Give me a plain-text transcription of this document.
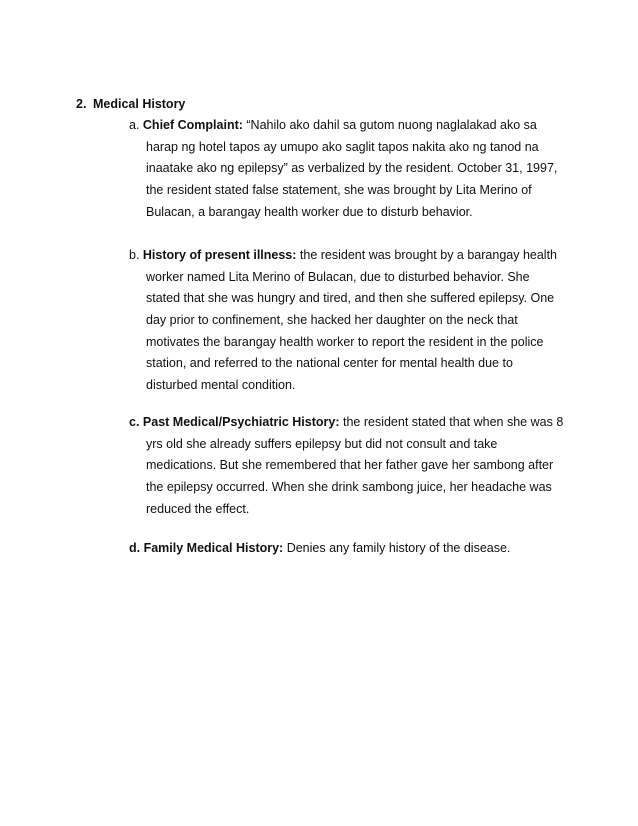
2. Medical History
a. Chief Complaint: “Nahilo ako dahil sa gutom nuong naglalakad ako sa
harap ng hotel tapos ay umupo ako saglit tapos nakita ako ng tanod na
inaatake ako ng epilepsy” as verbalized by the resident. October 31, 1997,
the resident stated false statement, she was brought by Lita Merino of
Bulacan, a barangay health worker due to disturb behavior.
b. History of present illness: the resident was brought by a barangay health
worker named Lita Merino of Bulacan, due to disturbed behavior. She
stated that she was hungry and tired, and then she suffered epilepsy. One
day prior to confinement, she hacked her daughter on the neck that
motivates the barangay health worker to report the resident in the police
station, and referred to the national center for mental health due to
disturbed mental condition.
c. Past Medical/Psychiatric History: the resident stated that when she was 8
yrs old she already suffers epilepsy but did not consult and take
medications. But she remembered that her father gave her sambong after
the epilepsy occurred. When she drink sambong juice, her headache was
reduced the effect.
d. Family Medical History: Denies any family history of the disease.
